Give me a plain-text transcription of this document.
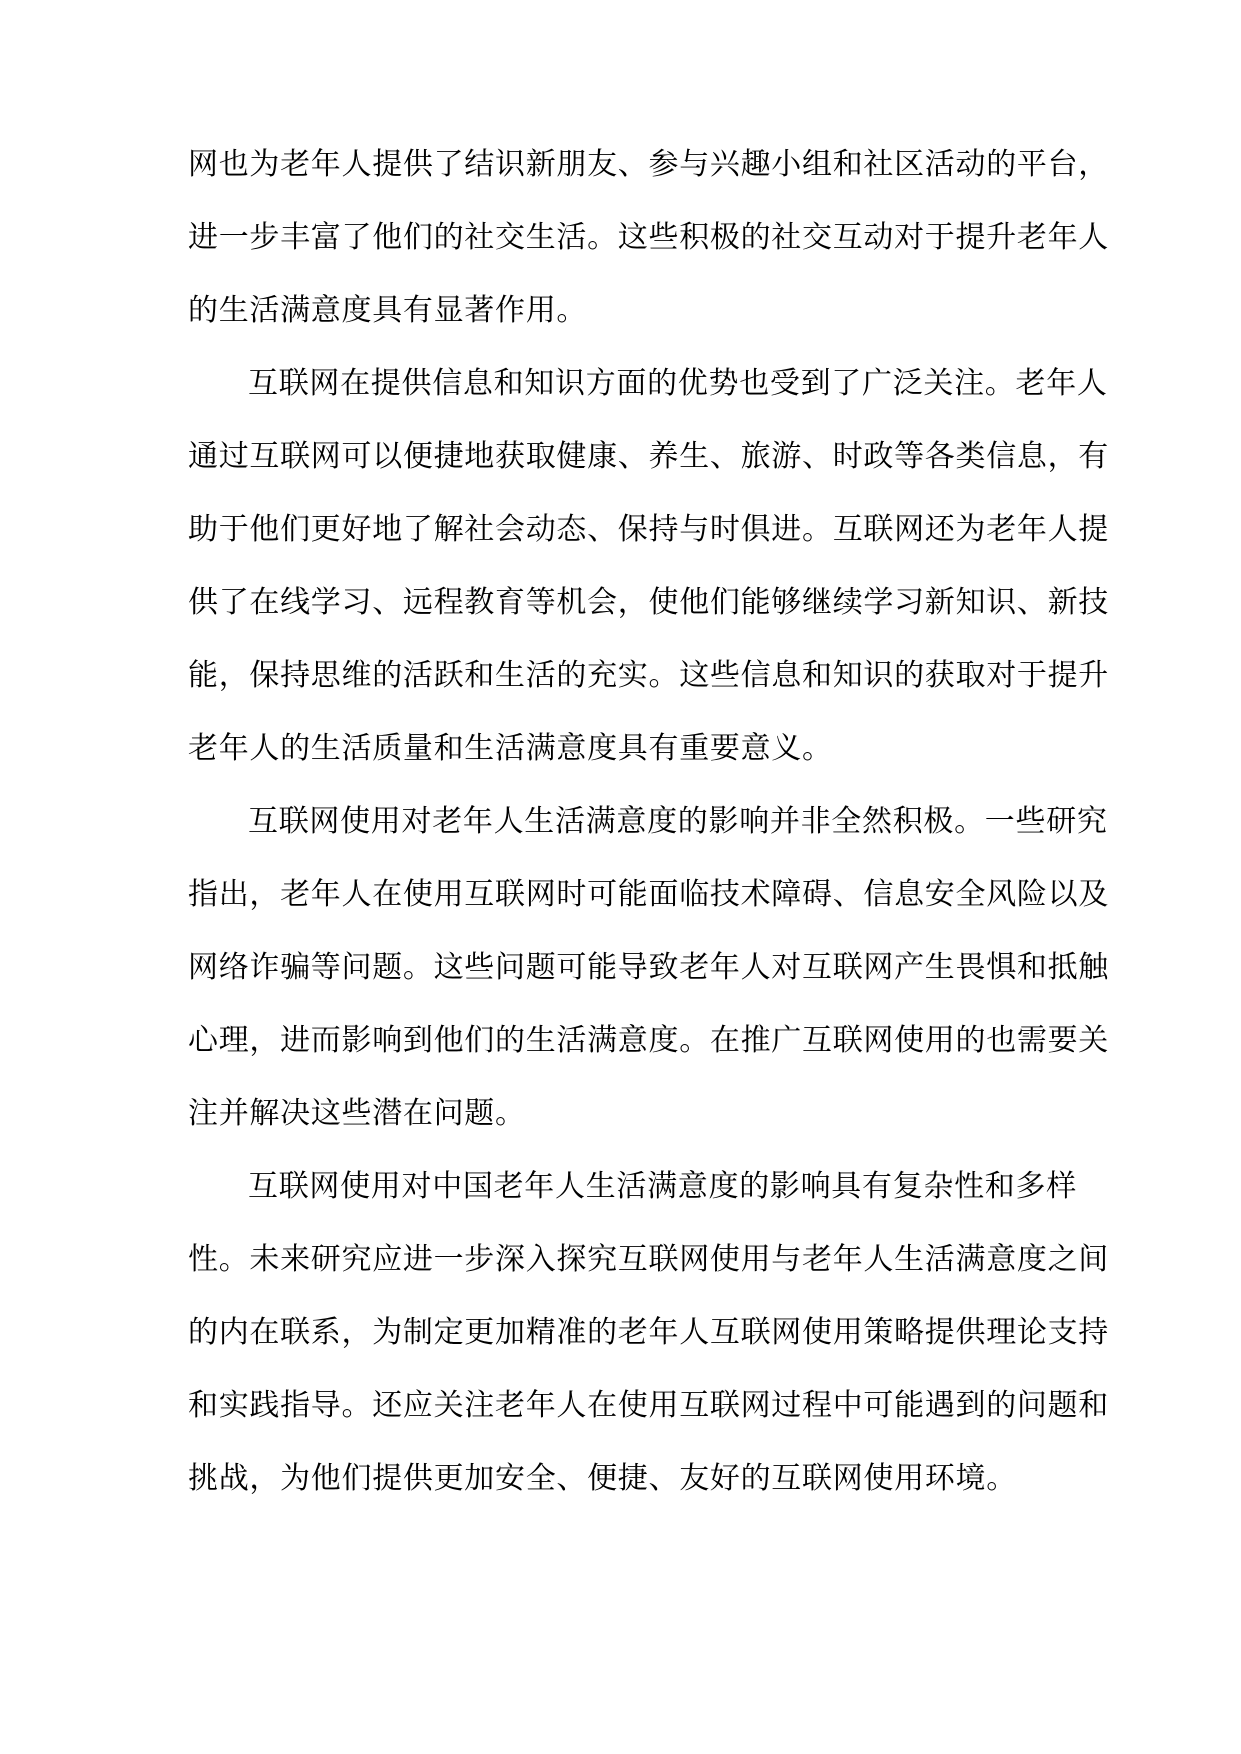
网也为老年人提供了结识新朋友、参与兴趣小组和社区活动的平台，
进一步丰富了他们的社交生活。这些积极的社交互动对于提升老年人
的生活满意度具有显著作用。

互联网在提供信息和知识方面的优势也受到了广泛关注。老年人
通过互联网可以便捷地获取健康、养生、旅游、时政等各类信息，有
助于他们更好地了解社会动态、保持与时俱进。互联网还为老年人提
供了在线学习、远程教育等机会，使他们能够继续学习新知识、新技
能，保持思维的活跃和生活的充实。这些信息和知识的获取对于提升
老年人的生活质量和生活满意度具有重要意义。

互联网使用对老年人生活满意度的影响并非全然积极。一些研究
指出，老年人在使用互联网时可能面临技术障碍、信息安全风险以及
网络诈骗等问题。这些问题可能导致老年人对互联网产生畏惧和抵触
心理，进而影响到他们的生活满意度。在推广互联网使用的也需要关
注并解决这些潜在问题。

互联网使用对中国老年人生活满意度的影响具有复杂性和多样
性。未来研究应进一步深入探究互联网使用与老年人生活满意度之间
的内在联系，为制定更加精准的老年人互联网使用策略提供理论支持
和实践指导。还应关注老年人在使用互联网过程中可能遇到的问题和
挑战，为他们提供更加安全、便捷、友好的互联网使用环境。
